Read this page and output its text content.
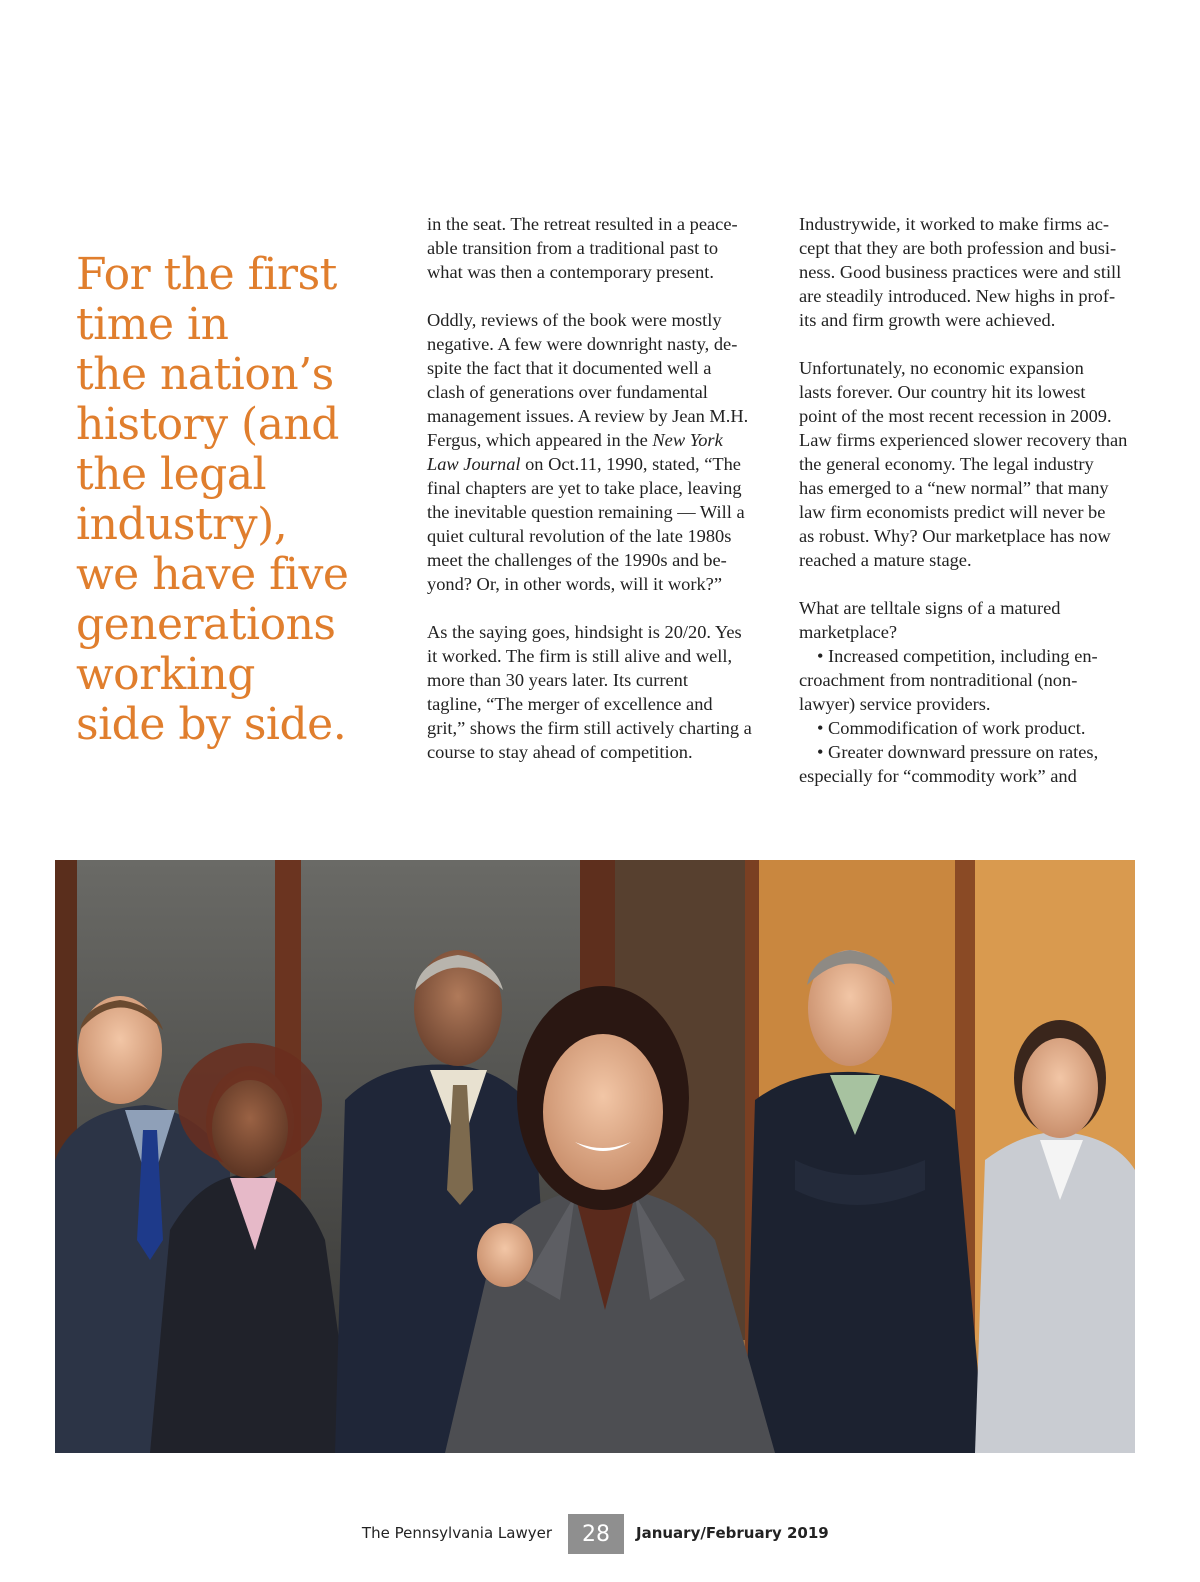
For the first
time in
the nation’s
history (and
the legal
industry),
we have five
generations
working
side by side.
in the seat. The retreat resulted in a peace-
able transition from a traditional past to
what was then a contemporary present.
Oddly, reviews of the book were mostly
negative. A few were downright nasty, de-
spite the fact that it documented well a
clash of generations over fundamental
management issues. A review by Jean M.H.
Fergus, which appeared in the New York
Law Journal on Oct.11, 1990, stated, “The
final chapters are yet to take place, leaving
the inevitable question remaining — Will a
quiet cultural revolution of the late 1980s
meet the challenges of the 1990s and be-
yond? Or, in other words, will it work?”
As the saying goes, hindsight is 20/20. Yes
it worked. The firm is still alive and well,
more than 30 years later. Its current
tagline, “The merger of excellence and
grit,” shows the firm still actively charting a
course to stay ahead of competition.
Industrywide, it worked to make firms ac-
cept that they are both profession and busi-
ness. Good business practices were and still
are steadily introduced. New highs in prof-
its and firm growth were achieved.
Unfortunately, no economic expansion
lasts forever. Our country hit its lowest
point of the most recent recession in 2009.
Law firms experienced slower recovery than
the general economy. The legal industry
has emerged to a “new normal” that many
law firm economists predict will never be
as robust. Why? Our marketplace has now
reached a mature stage.
What are telltale signs of a matured
marketplace?
• Increased competition, including en-
croachment from nontraditional (non-
lawyer) service providers.
• Commodification of work product.
• Greater downward pressure on rates,
especially for “commodity work” and
The Pennsylvania Lawyer	28	January/February 2019
